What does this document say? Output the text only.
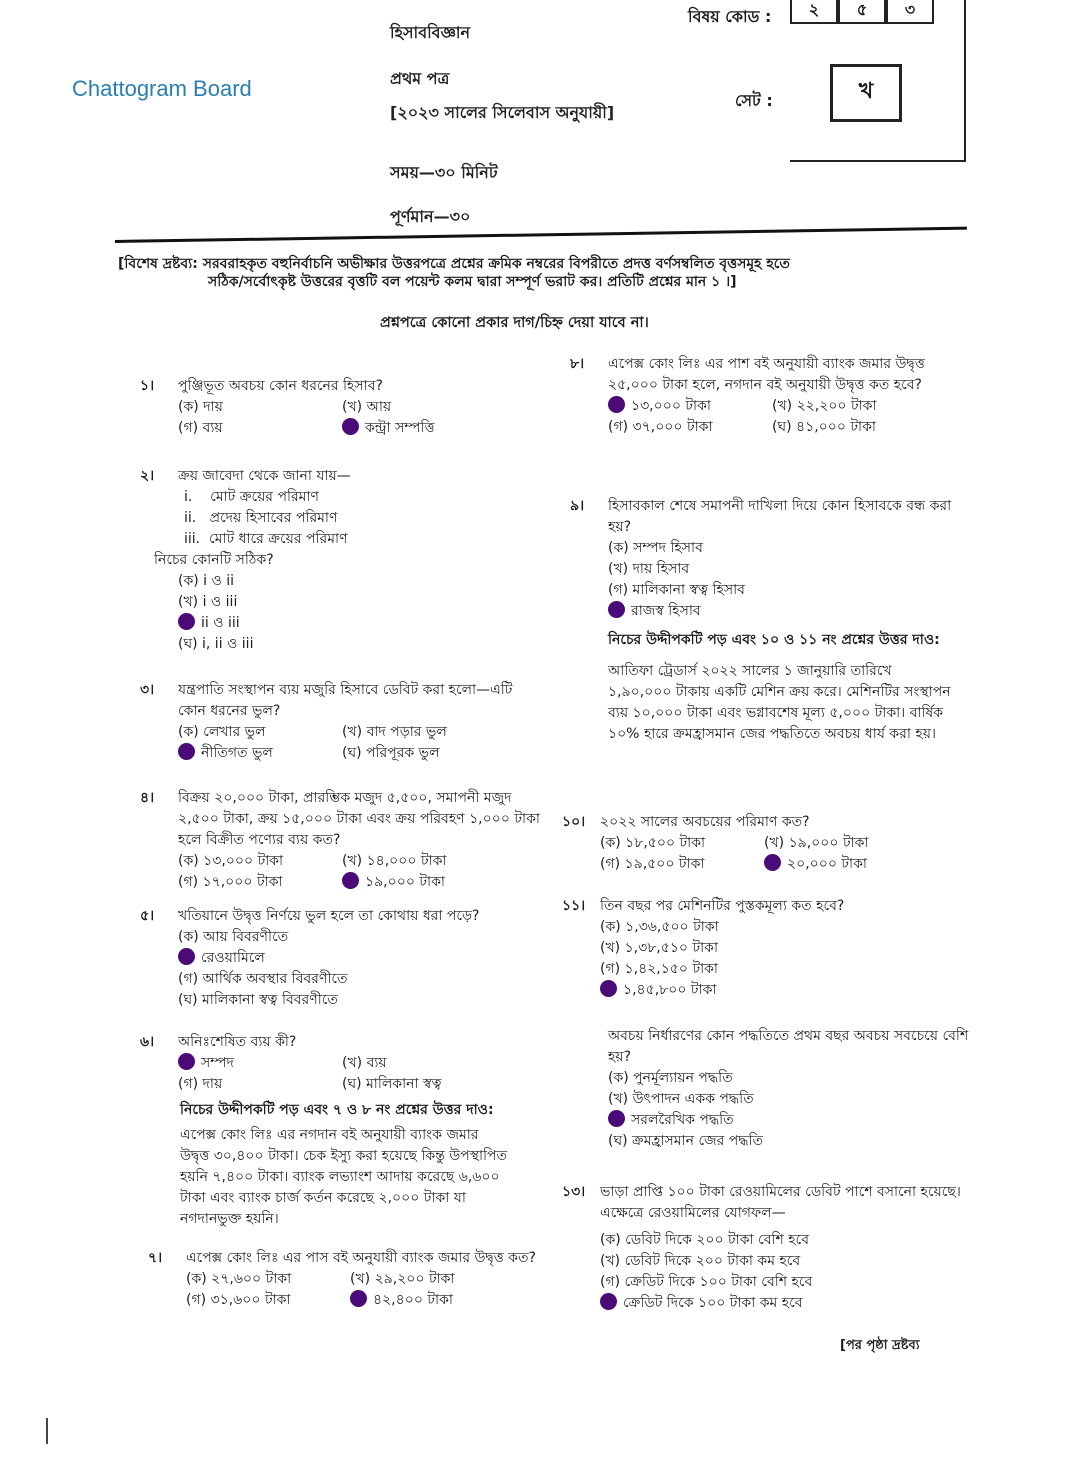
Chattogram Board
হিসাববিজ্ঞান
প্রথম পত্র
[২০২৩ সালের সিলেবাস অনুযায়ী]
সময়—৩০ মিনিট
পূর্ণমান—৩০
বিষয় কোড :	২	৫	৩
সেট :	খ
[বিশেষ দ্রষ্টব্য: সরবরাহকৃত বহুনির্বাচনি অভীক্ষার উত্তরপত্রে প্রশ্নের ক্রমিক নম্বরের বিপরীতে প্রদত্ত বর্ণসম্বলিত বৃত্তসমূহ হতে
সঠিক/সর্বোৎকৃষ্ট উত্তরের বৃত্তটি বল পয়েন্ট কলম দ্বারা সম্পূর্ণ ভরাট কর। প্রতিটি প্রশ্নের মান ১ ।]
প্রশ্নপত্রে কোনো প্রকার দাগ/চিহ্ন দেয়া যাবে না।
১। পুঞ্জিভূত অবচয় কোন ধরনের হিসাব?
(ক) দায়	(খ) আয়
(গ) ব্যয়	কন্ট্রা সম্পত্তি
২। ক্রয় জাবেদা থেকে জানা যায়—
i.    মোট ক্রয়ের পরিমাণ
ii.   প্রদেয় হিসাবের পরিমাণ
iii.  মোট ধারে ক্রয়ের পরিমাণ
নিচের কোনটি সঠিক?
(ক) i ও ii
(খ) i ও iii
ii ও iii
(ঘ) i, ii ও iii
৩। যন্ত্রপাতি সংস্থাপন ব্যয় মজুরি হিসাবে ডেবিট করা হলো—এটি কোন ধরনের ভুল?
(ক) লেখার ভুল	(খ) বাদ পড়ার ভুল
নীতিগত ভুল	(ঘ) পরিপূরক ভুল
৪। বিক্রয় ২০,০০০ টাকা, প্রারম্ভিক মজুদ ৫,৫০০, সমাপনী মজুদ ২,৫০০ টাকা, ক্রয় ১৫,০০০ টাকা এবং ক্রয় পরিবহণ ১,০০০ টাকা হলে বিক্রীত পণ্যের ব্যয় কত?
(ক) ১৩,০০০ টাকা	(খ) ১৪,০০০ টাকা
(গ) ১৭,০০০ টাকা	১৯,০০০ টাকা
৫। খতিয়ানে উদ্বৃত্ত নির্ণয়ে ভুল হলে তা কোথায় ধরা পড়ে?
(ক) আয় বিবরণীতে
রেওয়ামিলে
(গ) আর্থিক অবস্থার বিবরণীতে
(ঘ) মালিকানা স্বত্ব বিবরণীতে
৬। অনিঃশেষিত ব্যয় কী?
সম্পদ	(খ) ব্যয়
(গ) দায়	(ঘ) মালিকানা স্বত্ব
নিচের উদ্দীপকটি পড় এবং ৭ ও ৮ নং প্রশ্নের উত্তর দাও:
এপেক্স কোং লিঃ এর নগদান বই অনুযায়ী ব্যাংক জমার উদ্বৃত্ত ৩০,৪০০ টাকা। চেক ইস্যু করা হয়েছে কিন্তু উপস্থাপিত হয়নি ৭,৪০০ টাকা। ব্যাংক লভ্যাংশ আদায় করেছে ৬,৬০০ টাকা এবং ব্যাংক চার্জ কর্তন করেছে ২,০০০ টাকা যা নগদানভুক্ত হয়নি।
৭। এপেক্স কোং লিঃ এর পাস বই অনুযায়ী ব্যাংক জমার উদ্বৃত্ত কত?
(ক) ২৭,৬০০ টাকা	(খ) ২৯,২০০ টাকা
(গ) ৩১,৬০০ টাকা	৪২,৪০০ টাকা
৮। এপেক্স কোং লিঃ এর পাশ বই অনুযায়ী ব্যাংক জমার উদ্বৃত্ত ২৫,০০০ টাকা হলে, নগদান বই অনুযায়ী উদ্বৃত্ত কত হবে?
১৩,০০০ টাকা	(খ) ২২,২০০ টাকা
(গ) ৩৭,০০০ টাকা	(ঘ) ৪১,০০০ টাকা
৯। হিসাবকাল শেষে সমাপনী দাখিলা দিয়ে কোন হিসাবকে বন্ধ করা হয়?
(ক) সম্পদ হিসাব
(খ) দায় হিসাব
(গ) মালিকানা স্বত্ব হিসাব
রাজস্ব হিসাব
নিচের উদ্দীপকটি পড় এবং ১০ ও ১১ নং প্রশ্নের উত্তর দাও:
আতিফা ট্রেডার্স ২০২২ সালের ১ জানুয়ারি তারিখে ১,৯০,০০০ টাকায় একটি মেশিন ক্রয় করে। মেশিনটির সংস্থাপন ব্যয় ১০,০০০ টাকা এবং ভগ্নাবশেষ মূল্য ৫,০০০ টাকা। বার্ষিক ১০% হারে ক্রমহ্রাসমান জের পদ্ধতিতে অবচয় ধার্য করা হয়।
১০। ২০২২ সালের অবচয়ের পরিমাণ কত?
(ক) ১৮,৫০০ টাকা	(খ) ১৯,০০০ টাকা
(গ) ১৯,৫০০ টাকা	২০,০০০ টাকা
১১। তিন বছর পর মেশিনটির পুস্তকমূল্য কত হবে?
(ক) ১,৩৬,৫০০ টাকা
(খ) ১,৩৮,৫১০ টাকা
(গ) ১,৪২,১৫০ টাকা
১,৪৫,৮০০ টাকা
অবচয় নির্ধারণের কোন পদ্ধতিতে প্রথম বছর অবচয় সবচেয়ে বেশি হয়?
(ক) পুনর্মূল্যায়ন পদ্ধতি
(খ) উৎপাদন একক পদ্ধতি
সরলরৈখিক পদ্ধতি
(ঘ) ক্রমহ্রাসমান জের পদ্ধতি
১৩। ভাড়া প্রাপ্তি ১০০ টাকা রেওয়ামিলের ডেবিট পাশে বসানো হয়েছে। এক্ষেত্রে রেওয়ামিলের যোগফল—
(ক) ডেবিট দিকে ২০০ টাকা বেশি হবে
(খ) ডেবিট দিকে ২০০ টাকা কম হবে
(গ) ক্রেডিট দিকে ১০০ টাকা বেশি হবে
ক্রেডিট দিকে ১০০ টাকা কম হবে
[পর পৃষ্ঠা দ্রষ্টব্য
